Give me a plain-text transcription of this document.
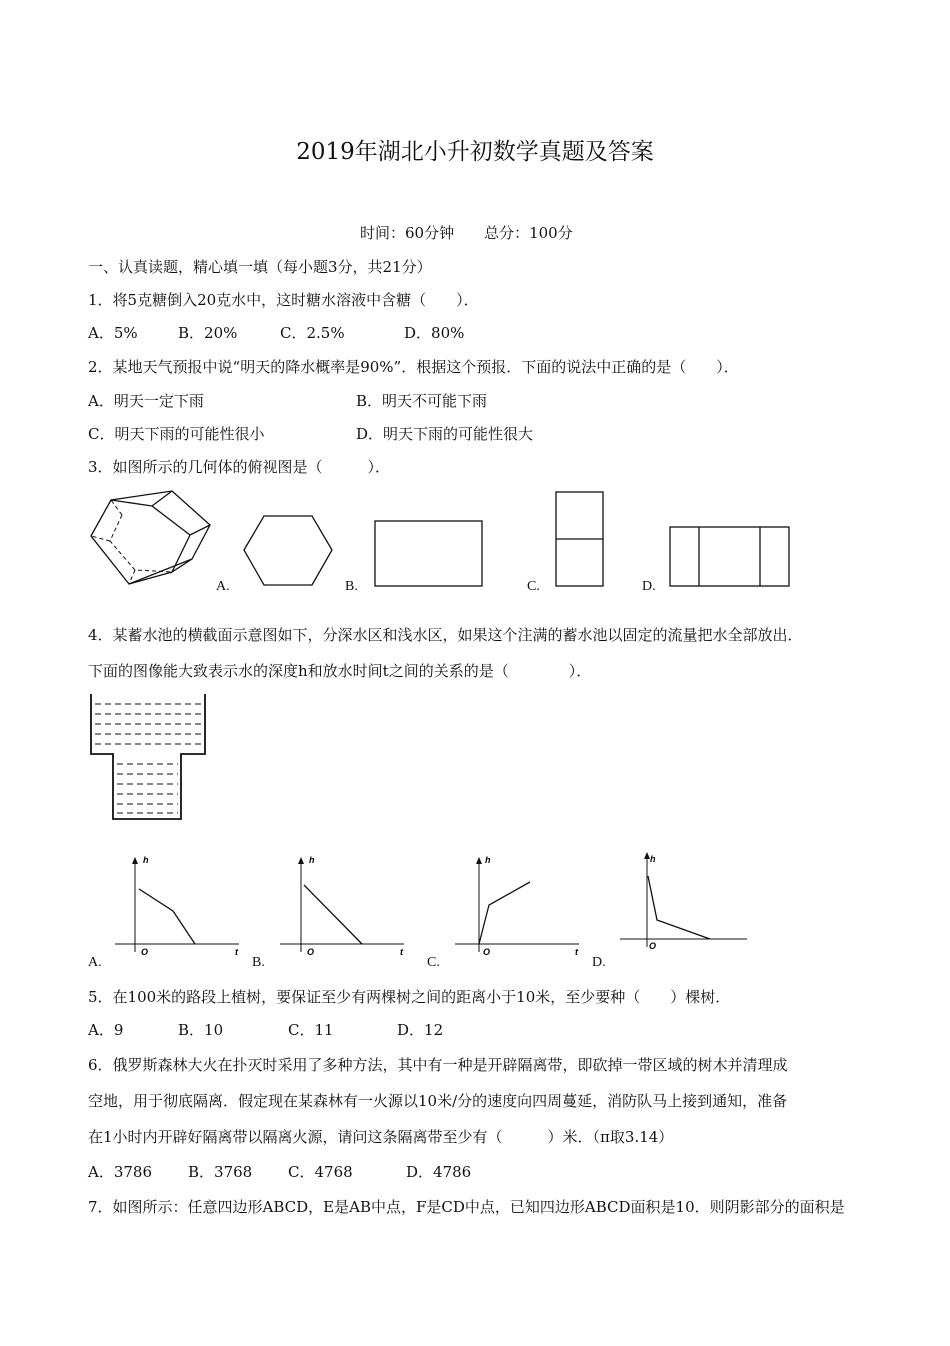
2019年湖北小升初数学真题及答案
时间：60分钟　　总分：100分
一、认真读题，精心填一填（每小题3分，共21分）
1．将5克糖倒入20克水中，这时糖水溶液中含糖（　　）．
A．5%	B．20%	C．2.5%	D．80%
2．某地天气预报中说“明天的降水概率是90%”．根据这个预报．下面的说法中正确的是（　　）．
A．明天一定下雨	B．明天不可能下雨
C．明天下雨的可能性很小	D．明天下雨的可能性很大
3．如图所示的几何体的俯视图是（　　　）．
A.	B.	C.	D.
4．某蓄水池的横截面示意图如下，分深水区和浅水区，如果这个注满的蓄水池以固定的流量把水全部放出．
下面的图像能大致表示水的深度h和放水时间t之间的关系的是（　　　　）．
h
O	t
A.
h
O	t
B.
h
O	t
C.
h
O
D.
5．在100米的路段上植树，要保证至少有两棵树之间的距离小于10米，至少要种（　　）棵树．
A．9	B．10	C．11	D．12
6．俄罗斯森林大火在扑灭时采用了多种方法，其中有一种是开辟隔离带，即砍掉一带区域的树木并清理成
空地，用于彻底隔离．假定现在某森林有一火源以10米/分的速度向四周蔓延，消防队马上接到通知，准备
在1小时内开辟好隔离带以隔离火源，请问这条隔离带至少有（　　　）米．（π取3.14）
A．3786 B．3768 C．4768	D．4786
7．如图所示：任意四边形ABCD，E是AB中点，F是CD中点，已知四边形ABCD面积是10．则阴影部分的面积是
